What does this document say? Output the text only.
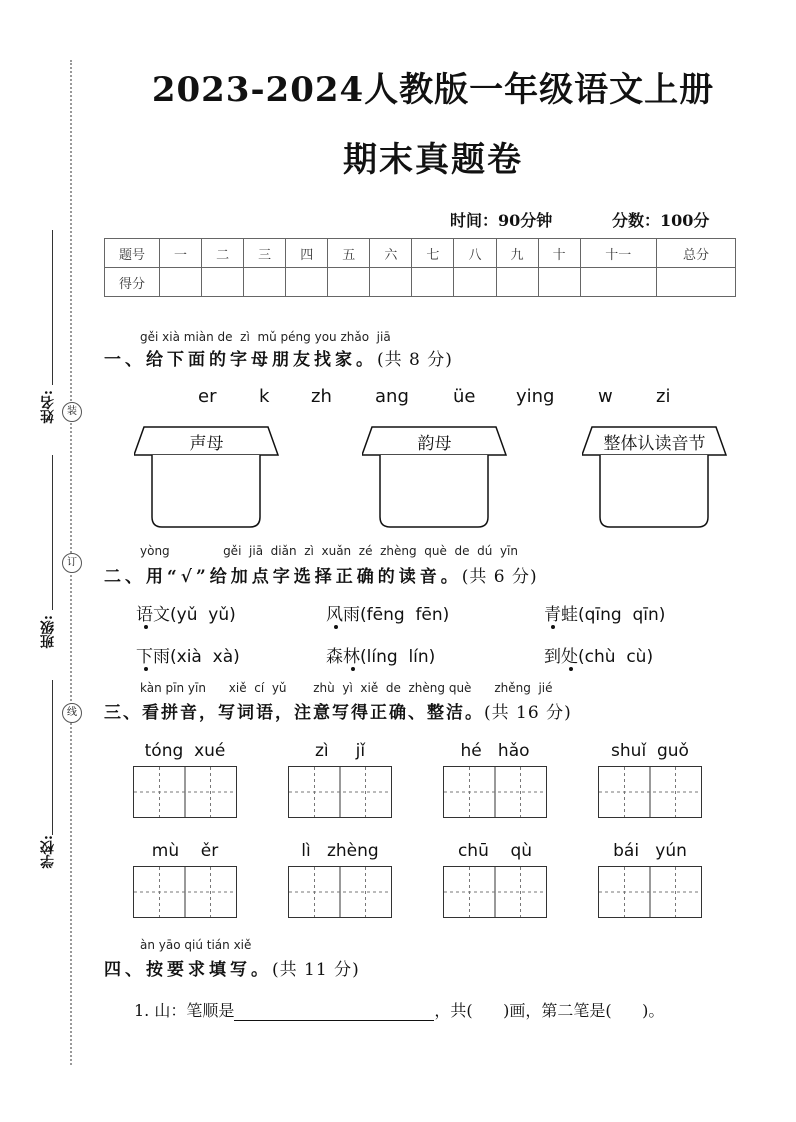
装
订
线
姓名:
班级:
学校:
2023-2024人教版一年级语文上册
期末真题卷
时间：90分钟	分数：100分
题号	一	二	三	四	五	六	七	八	九	十	十一	总分
得分												
gěi xià miàn de  zì  mǔ péng you zhǎo  jiā
一、给下面的字母朋友找家。(共 8 分)
er k zh ang üe ying w zi
声母	韵母	整体认读音节
yòng              gěi  jiā  diǎn  zì  xuǎn  zé  zhèng  què  de  dú  yīn
二、用“√”给加点字选择正确的读音。(共 6 分)
语文(yǔ  yǔ)	风雨(fēng  fēn)	青蛙(qīng  qīn)
下雨(xià  xà)	森林(líng  lín)	到处(chù  cù)
kàn pīn yīn      xiě  cí  yǔ       zhù  yì  xiě  de  zhèng què      zhěng  jié
三、看拼音，写词语，注意写得正确、整洁。(共 16 分)
tóng  xué	zì     jǐ	hé   hǎo	shuǐ  guǒ
mù    ěr	lì   zhèng	chū    qù	bái   yún
àn yāo qiú tián xiě
四、按要求填写。(共 11 分)
1. 山：笔顺是	，共(      )画，第二笔是(      )。
